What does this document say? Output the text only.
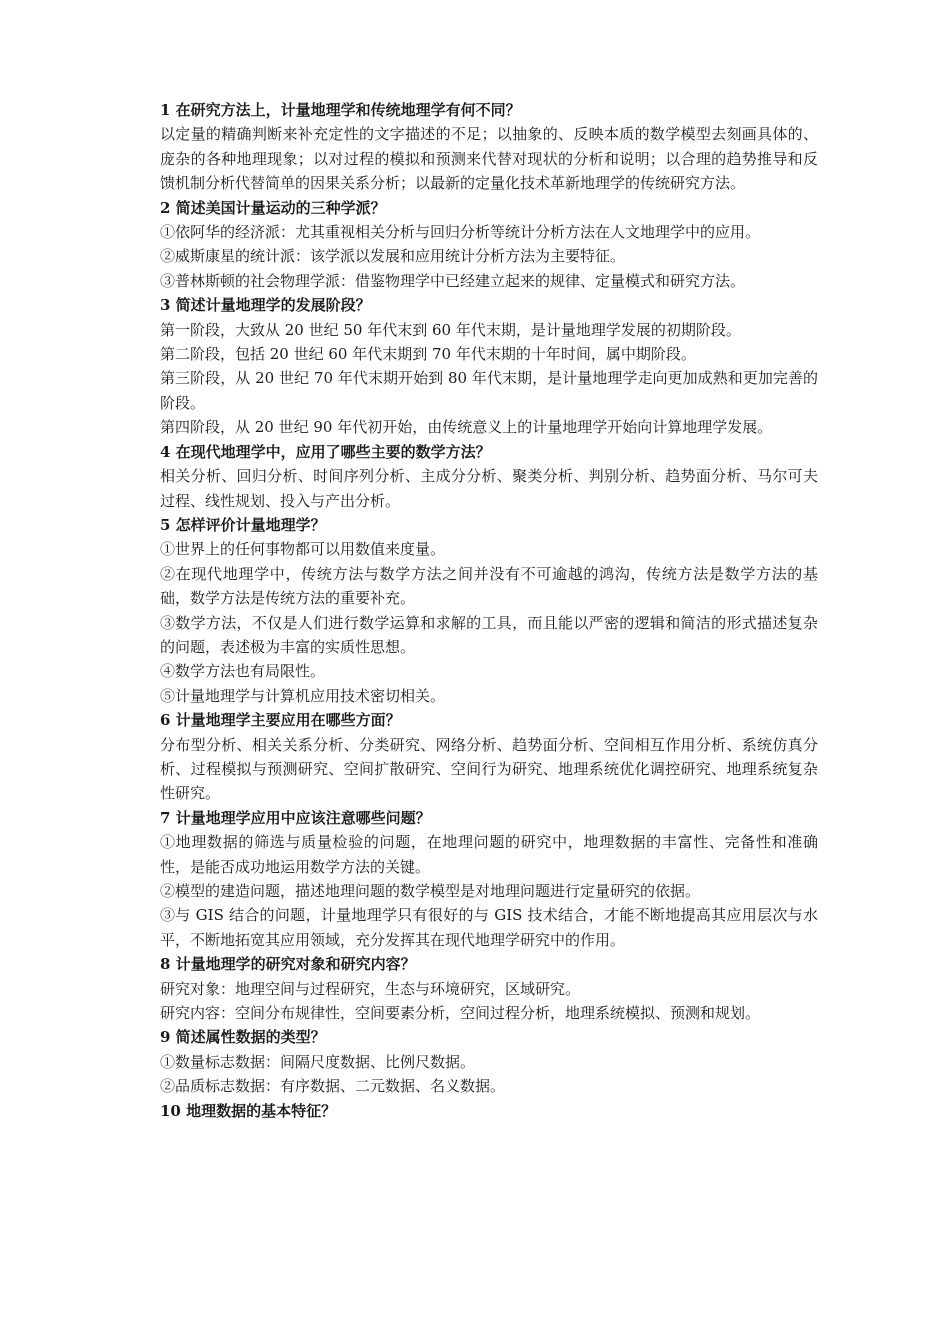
1 在研究方法上，计量地理学和传统地理学有何不同？

以定量的精确判断来补充定性的文字描述的不足；以抽象的、反映本质的数学模型去刻画具体的、庞杂的各种地理现象；以对过程的模拟和预测来代替对现状的分析和说明；以合理的趋势推导和反馈机制分析代替简单的因果关系分析；以最新的定量化技术革新地理学的传统研究方法。

2 简述美国计量运动的三种学派？

①依阿华的经济派：尤其重视相关分析与回归分析等统计分析方法在人文地理学中的应用。

②威斯康星的统计派：该学派以发展和应用统计分析方法为主要特征。

③普林斯顿的社会物理学派：借鉴物理学中已经建立起来的规律、定量模式和研究方法。

3 简述计量地理学的发展阶段？

第一阶段，大致从 20 世纪 50 年代末到 60 年代末期，是计量地理学发展的初期阶段。

第二阶段，包括 20 世纪 60 年代末期到 70 年代末期的十年时间，属中期阶段。

第三阶段，从 20 世纪 70 年代末期开始到 80 年代末期，是计量地理学走向更加成熟和更加完善的阶段。

第四阶段，从 20 世纪 90 年代初开始，由传统意义上的计量地理学开始向计算地理学发展。

4 在现代地理学中，应用了哪些主要的数学方法？

相关分析、回归分析、时间序列分析、主成分分析、聚类分析、判别分析、趋势面分析、马尔可夫过程、线性规划、投入与产出分析。

5 怎样评价计量地理学？

①世界上的任何事物都可以用数值来度量。

②在现代地理学中，传统方法与数学方法之间并没有不可逾越的鸿沟，传统方法是数学方法的基础，数学方法是传统方法的重要补充。

③数学方法，不仅是人们进行数学运算和求解的工具，而且能以严密的逻辑和简洁的形式描述复杂的问题，表述极为丰富的实质性思想。

④数学方法也有局限性。

⑤计量地理学与计算机应用技术密切相关。

6 计量地理学主要应用在哪些方面？

分布型分析、相关关系分析、分类研究、网络分析、趋势面分析、空间相互作用分析、系统仿真分析、过程模拟与预测研究、空间扩散研究、空间行为研究、地理系统优化调控研究、地理系统复杂性研究。

7 计量地理学应用中应该注意哪些问题？

①地理数据的筛选与质量检验的问题，在地理问题的研究中，地理数据的丰富性、完备性和准确性，是能否成功地运用数学方法的关键。

②模型的建造问题，描述地理问题的数学模型是对地理问题进行定量研究的依据。

③与 GIS 结合的问题，计量地理学只有很好的与 GIS 技术结合，才能不断地提高其应用层次与水平，不断地拓宽其应用领域，充分发挥其在现代地理学研究中的作用。

8 计量地理学的研究对象和研究内容？

研究对象：地理空间与过程研究，生态与环境研究，区域研究。

研究内容：空间分布规律性，空间要素分析，空间过程分析，地理系统模拟、预测和规划。

9 简述属性数据的类型？

①数量标志数据：间隔尺度数据、比例尺数据。

②品质标志数据：有序数据、二元数据、名义数据。

10 地理数据的基本特征？
